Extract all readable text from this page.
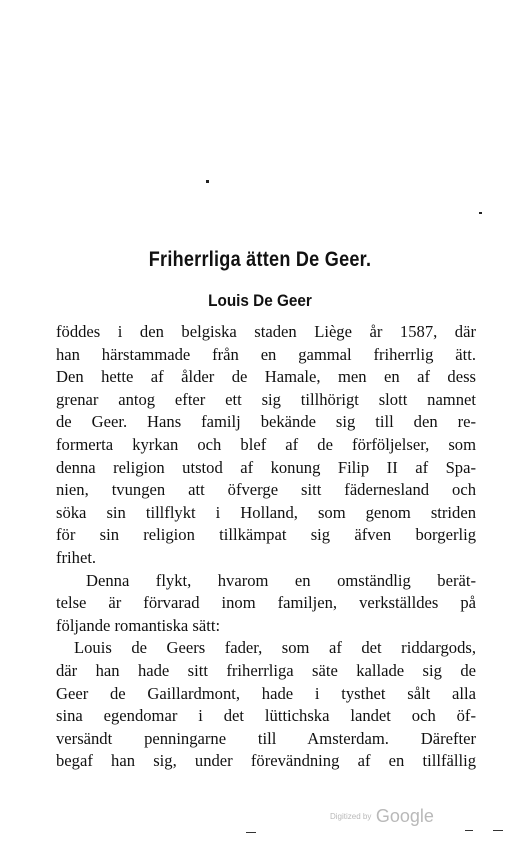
Friherrliga ätten De Geer.
Louis De Geer
föddes i den belgiska staden Liège år 1587, där
han härstammade från en gammal friherrlig ätt.
Den hette af ålder de Hamale, men en af dess
grenar antog efter ett sig tillhörigt slott namnet
de Geer. Hans familj bekände sig till den re-
formerta kyrkan och blef af de förföljelser, som
denna religion utstod af konung Filip II af Spa-
nien, tvungen att öfverge sitt fädernesland och
söka sin tillflykt i Holland, som genom striden
för sin religion tillkämpat sig äfven borgerlig
frihet.
Denna flykt, hvarom en omständlig berät-
telse är förvarad inom familjen, verkställdes på
följande romantiska sätt:
Louis de Geers fader, som af det riddargods,
där han hade sitt friherrliga säte kallade sig de
Geer de Gaillardmont, hade i tysthet sålt alla
sina egendomar i det lüttichska landet och öf-
versändt penningarne till Amsterdam. Därefter
begaf han sig, under förevändning af en tillfällig
Digitized by Google
